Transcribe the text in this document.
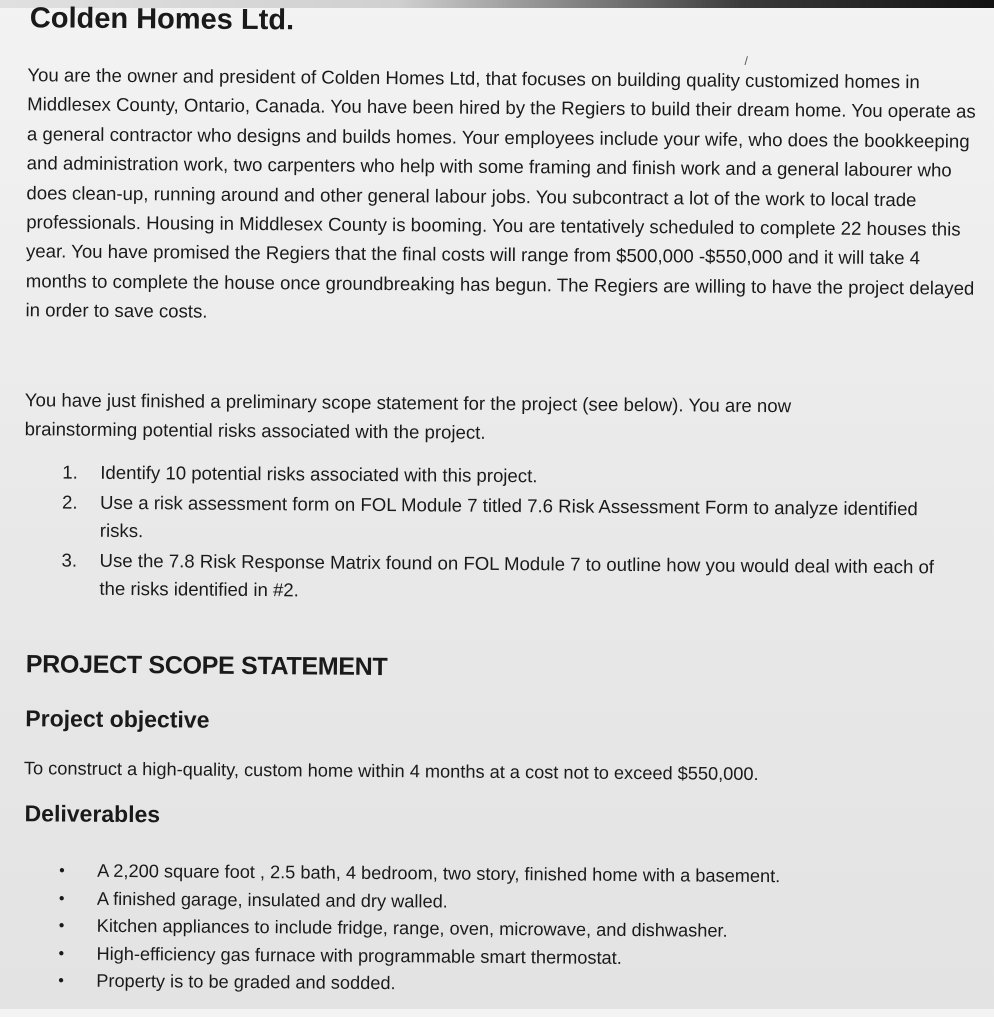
Colden Homes Ltd.
/

You are the owner and president of Colden Homes Ltd, that focuses on building quality customized homes in Middlesex County, Ontario, Canada. You have been hired by the Regiers to build their dream home. You operate as a general contractor who designs and builds homes. Your employees include your wife, who does the bookkeeping and administration work, two carpenters who help with some framing and finish work and a general labourer who does clean-up, running around and other general labour jobs. You subcontract a lot of the work to local trade professionals. Housing in Middlesex County is booming. You are tentatively scheduled to complete 22 houses this year. You have promised the Regiers that the final costs will range from $500,000 -$550,000 and it will take 4 months to complete the house once groundbreaking has begun. The Regiers are willing to have the project delayed in order to save costs.

You have just finished a preliminary scope statement for the project (see below). You are now brainstorming potential risks associated with the project.

1.	Identify 10 potential risks associated with this project.
2.	Use a risk assessment form on FOL Module 7 titled 7.6 Risk Assessment Form to analyze identified risks.
3.	Use the 7.8 Risk Response Matrix found on FOL Module 7 to outline how you would deal with each of the risks identified in #2.
PROJECT SCOPE STATEMENT
Project objective

To construct a high-quality, custom home within 4 months at a cost not to exceed $550,000.

Deliverables
•	A 2,200 square foot , 2.5 bath, 4 bedroom, two story, finished home with a basement.
•	A finished garage, insulated and dry walled.
•	Kitchen appliances to include fridge, range, oven, microwave, and dishwasher.
•	High-efficiency gas furnace with programmable smart thermostat.
•	Property is to be graded and sodded.
